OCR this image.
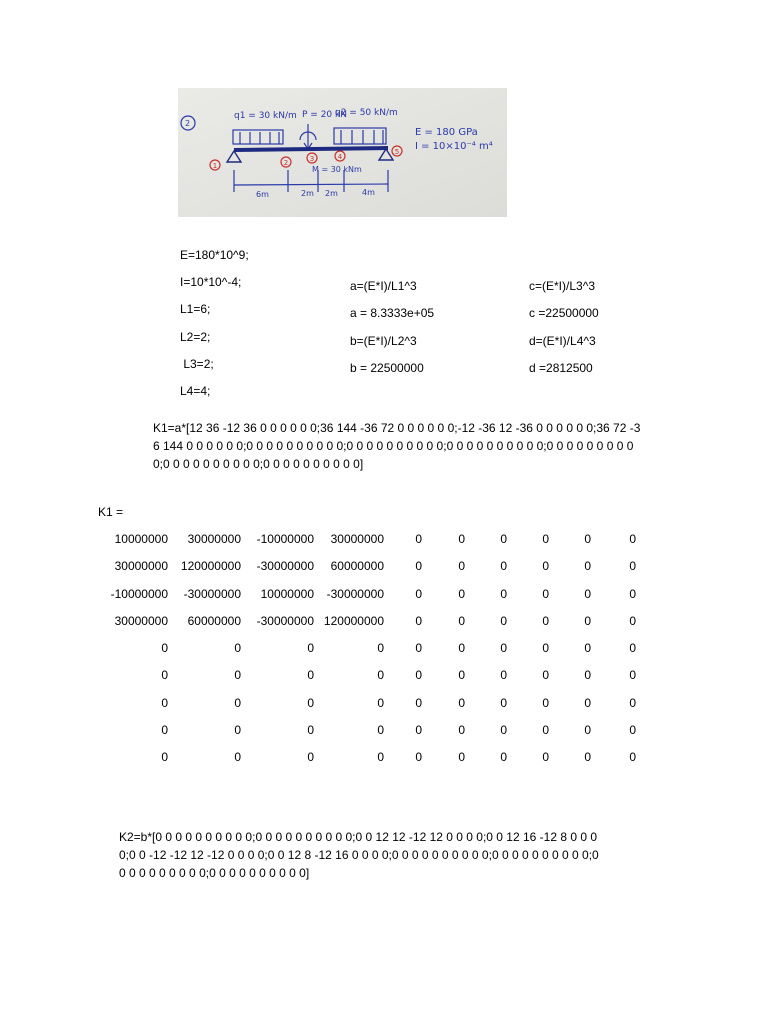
2
q1 = 30 kN/m P = 20 kN
q2 = 50 kN/m
E = 180 GPa
I = 10×10⁻⁴ m⁴
M = 30 kNm
6m	2m 2m	4m
1	2	3	4
5
E=180*10^9;
I=10*10^-4;
L1=6;
L2=2;
L3=2;
L4=4;
a=(E*I)/L1^3
a = 8.3333e+05
b=(E*I)/L2^3
b = 22500000
c=(E*I)/L3^3
c =22500000
d=(E*I)/L4^3
d =2812500
K1=a*[12 36 -12 36 0 0 0 0 0 0;36 144 -36 72 0 0 0 0 0 0;-12 -36 12 -36 0 0 0 0 0 0;36 72 -36 144 0 0 0 0 0 0;0 0 0 0 0 0 0 0 0 0;0 0 0 0 0 0 0 0 0 0;0 0 0 0 0 0 0 0 0 0;0 0 0 0 0 0 0 0 0 0;0 0 0 0 0 0 0 0 0 0;0 0 0 0 0 0 0 0 0 0]
K1 =
10000000 30000000 -10000000 30000000	0	0	0	0	0	0
30000000 120000000 -30000000 60000000	0	0	0	0	0	0
-10000000 -30000000 10000000 -30000000	0	0	0	0	0	0
30000000 60000000 -30000000 120000000	0	0	0	0	0	0
0	0	0	0	0	0	0	0	0	0
0	0	0	0	0	0	0	0	0	0
0	0	0	0	0	0	0	0	0	0
0	0	0	0	0	0	0	0	0	0
0	0	0	0	0	0	0	0	0	0
K2=b*[0 0 0 0 0 0 0 0 0 0;0 0 0 0 0 0 0 0 0 0;0 0 12 12 -12 12 0 0 0 0;0 0 12 16 -12 8 0 0 0 0;0 0 -12 -12 12 -12 0 0 0 0;0 0 12 8 -12 16 0 0 0 0;0 0 0 0 0 0 0 0 0 0;0 0 0 0 0 0 0 0 0 0;0 0 0 0 0 0 0 0 0 0;0 0 0 0 0 0 0 0 0 0]
